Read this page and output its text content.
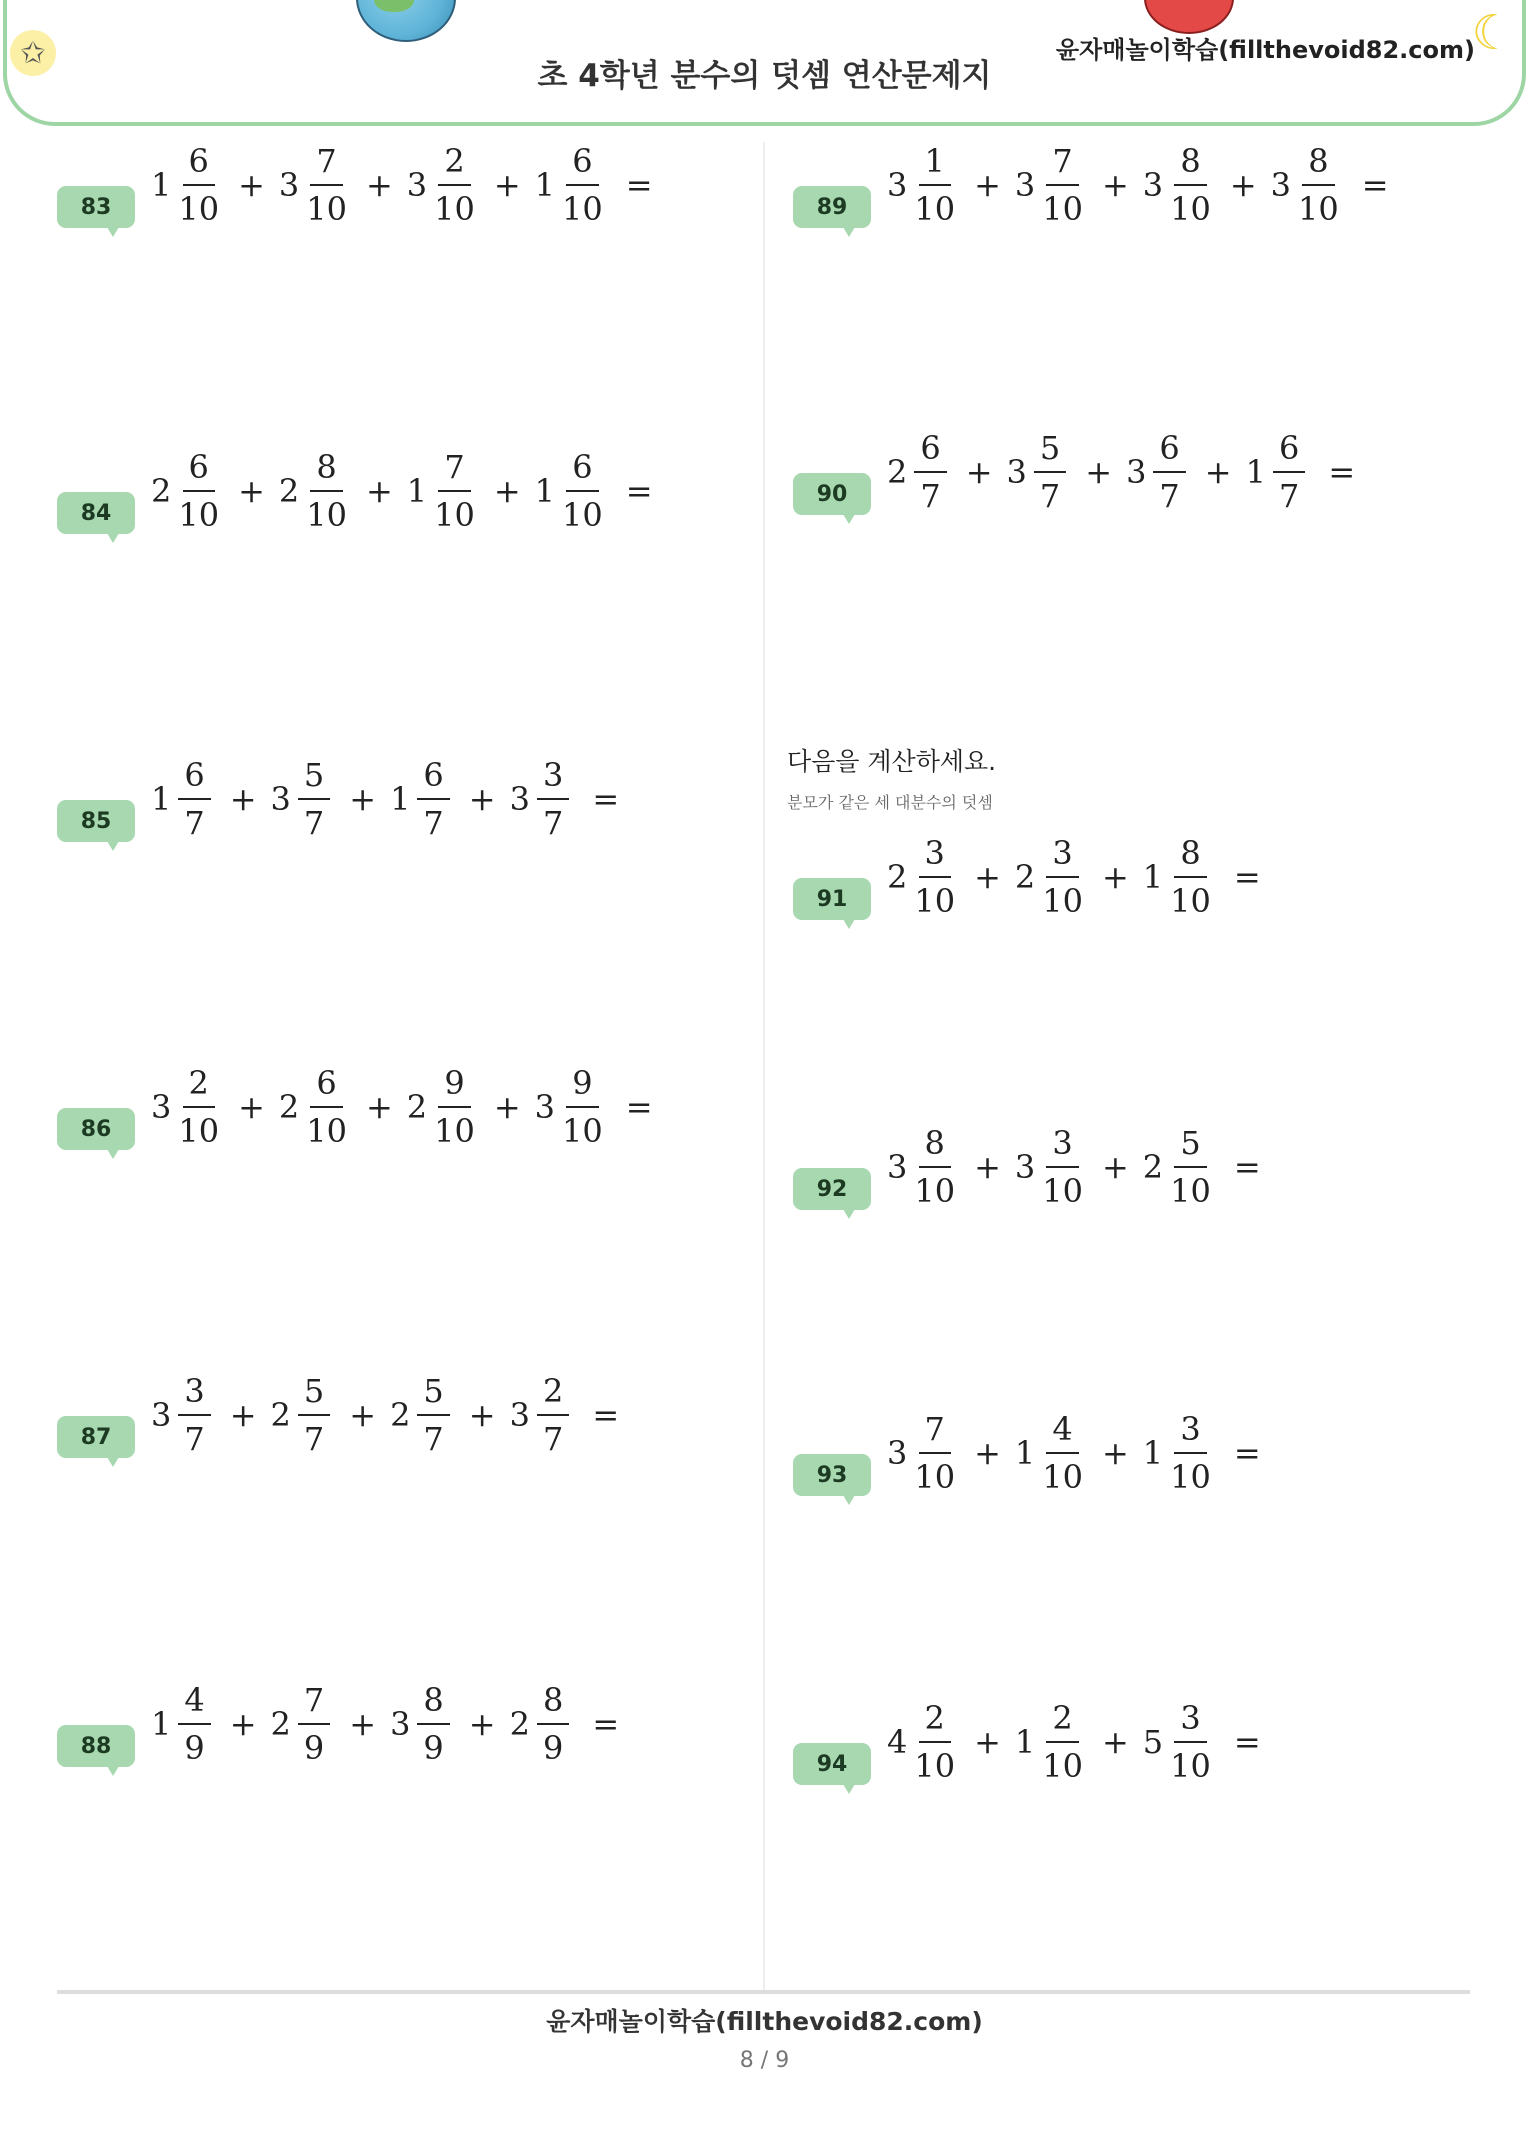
✩	☾
초 4학년 분수의 덧셈 연산문제지
윤자매놀이학습(fillthevoid82.com)
다음을 계산하세요.
분모가 같은 세 대분수의 덧셈
83
$1 \frac{6}{10} + 3 \frac{7}{10} + 3 \frac{2}{10} + 1 \frac{6}{10}$ =
84
$2 \frac{6}{10} + 2 \frac{8}{10} + 1 \frac{7}{10} + 1 \frac{6}{10}$ =
85
$1 \frac{6}{7} + 3 \frac{5}{7} + 1 \frac{6}{7} + 3 \frac{3}{7}$ =
86
$3 \frac{2}{10} + 2 \frac{6}{10} + 2 \frac{9}{10} + 3 \frac{9}{10}$ =
87
$3 \frac{3}{7} + 2 \frac{5}{7} + 2 \frac{5}{7} + 3 \frac{2}{7}$ =
88
$1 \frac{4}{9} + 2 \frac{7}{9} + 3 \frac{8}{9} + 2 \frac{8}{9}$ =
89
$3 \frac{1}{10} + 3 \frac{7}{10} + 3 \frac{8}{10} + 3 \frac{8}{10}$ =
90
$2 \frac{6}{7} + 3 \frac{5}{7} + 3 \frac{6}{7} + 1 \frac{6}{7}$ =
91
$2 \frac{3}{10} + 2 \frac{3}{10} + 1 \frac{8}{10}$ =
92
$3 \frac{8}{10} + 3 \frac{3}{10} + 2 \frac{5}{10}$ =
93
$3 \frac{7}{10} + 1 \frac{4}{10} + 1 \frac{3}{10}$ =
94
$4 \frac{2}{10} + 1 \frac{2}{10} + 5 \frac{3}{10}$ =
윤자매놀이학습(fillthevoid82.com)
8 / 9
